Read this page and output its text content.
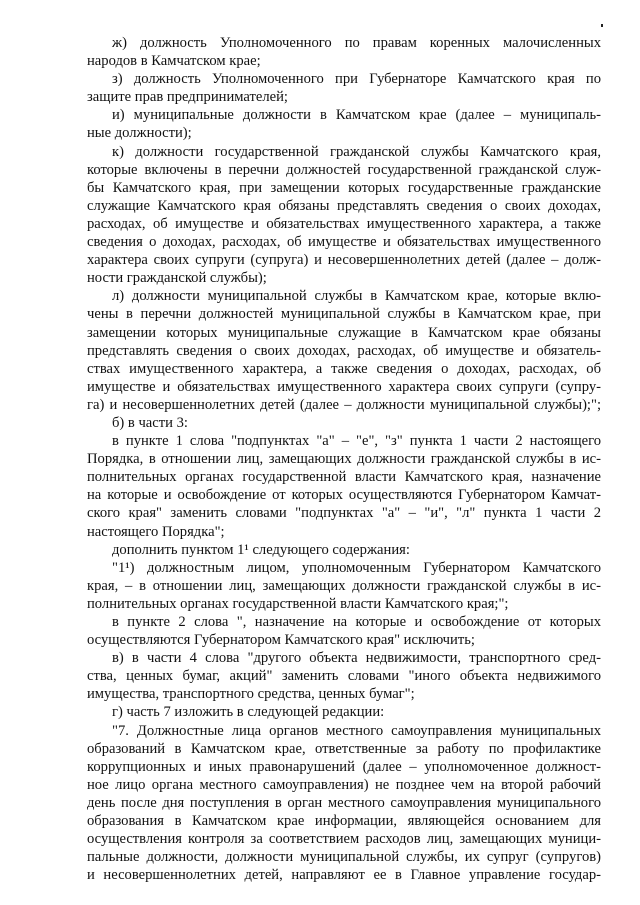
ж) должность Уполномоченного по правам коренных малочисленных
народов в Камчатском крае;
з) должность Уполномоченного при Губернаторе Камчатского края по
защите прав предпринимателей;
и) муниципальные должности в Камчатском крае (далее – муниципаль-
ные должности);
к) должности государственной гражданской службы Камчатского края,
которые включены в перечни должностей государственной гражданской служ-
бы Камчатского края, при замещении которых государственные гражданские
служащие Камчатского края обязаны представлять сведения о своих доходах,
расходах, об имуществе и обязательствах имущественного характера, а также
сведения о доходах, расходах, об имуществе и обязательствах имущественного
характера своих супруги (супруга) и несовершеннолетних детей (далее – долж-
ности гражданской службы);
л) должности муниципальной службы в Камчатском крае, которые вклю-
чены в перечни должностей муниципальной службы в Камчатском крае, при
замещении которых муниципальные служащие в Камчатском крае обязаны
представлять сведения о своих доходах, расходах, об имуществе и обязатель-
ствах имущественного характера, а также сведения о доходах, расходах, об
имуществе и обязательствах имущественного характера своих супруги (супру-
га) и несовершеннолетних детей (далее – должности муниципальной службы);";
б) в части 3:
в пункте 1 слова "подпунктах "а" – "е", "з" пункта 1 части 2 настоящего
Порядка, в отношении лиц, замещающих должности гражданской службы в ис-
полнительных органах государственной власти Камчатского края, назначение
на которые и освобождение от которых осуществляются Губернатором Камчат-
ского края" заменить словами "подпунктах "а" – "и", "л" пункта 1 части 2
настоящего Порядка";
дополнить пунктом 1¹ следующего содержания:
"1¹) должностным лицом, уполномоченным Губернатором Камчатского
края, – в отношении лиц, замещающих должности гражданской службы в ис-
полнительных органах государственной власти Камчатского края;";
в пункте 2 слова ", назначение на которые и освобождение от которых
осуществляются Губернатором Камчатского края" исключить;
в) в части 4 слова "другого объекта недвижимости, транспортного сред-
ства, ценных бумаг, акций" заменить словами "иного объекта недвижимого
имущества, транспортного средства, ценных бумаг";
г) часть 7 изложить в следующей редакции:
"7. Должностные лица органов местного самоуправления муниципальных
образований в Камчатском крае, ответственные за работу по профилактике
коррупционных и иных правонарушений (далее – уполномоченное должност-
ное лицо органа местного самоуправления) не позднее чем на второй рабочий
день после дня поступления в орган местного самоуправления муниципального
образования в Камчатском крае информации, являющейся основанием для
осуществления контроля за соответствием расходов лиц, замещающих муници-
пальные должности, должности муниципальной службы, их супруг (супругов)
и несовершеннолетних детей, направляют ее в Главное управление государ-
